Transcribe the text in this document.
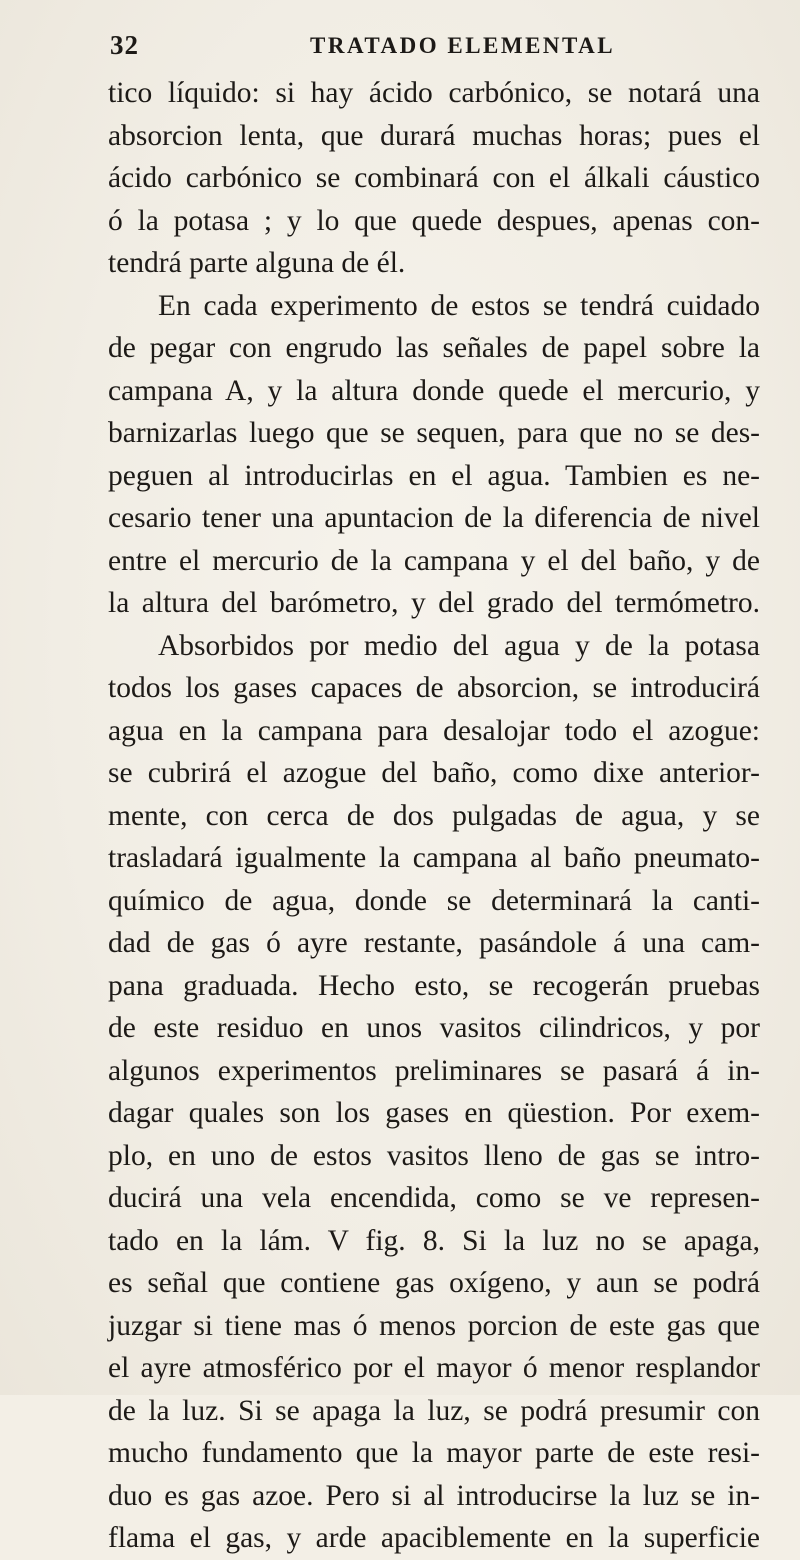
32	TRATADO ELEMENTAL
tico líquido: si hay ácido carbónico, se notará una
absorcion lenta, que durará muchas horas; pues el
ácido carbónico se combinará con el álkali cáustico
ó la potasa ; y lo que quede despues, apenas con-
tendrá parte alguna de él.
En cada experimento de estos se tendrá cuidado
de pegar con engrudo las señales de papel sobre la
campana A, y la altura donde quede el mercurio, y
barnizarlas luego que se sequen, para que no se des-
peguen al introducirlas en el agua. Tambien es ne-
cesario tener una apuntacion de la diferencia de nivel
entre el mercurio de la campana y el del baño, y de
la altura del barómetro, y del grado del termómetro.
Absorbidos por medio del agua y de la potasa
todos los gases capaces de absorcion, se introducirá
agua en la campana para desalojar todo el azogue:
se cubrirá el azogue del baño, como dixe anterior-
mente, con cerca de dos pulgadas de agua, y se
trasladará igualmente la campana al baño pneumato-
químico de agua, donde se determinará la canti-
dad de gas ó ayre restante, pasándole á una cam-
pana graduada. Hecho esto, se recogerán pruebas
de este residuo en unos vasitos cilindricos, y por
algunos experimentos preliminares se pasará á in-
dagar quales son los gases en qüestion. Por exem-
plo, en uno de estos vasitos lleno de gas se intro-
ducirá una vela encendida, como se ve represen-
tado en la lám. V fig. 8. Si la luz no se apaga,
es señal que contiene gas oxígeno, y aun se podrá
juzgar si tiene mas ó menos porcion de este gas que
el ayre atmosférico por el mayor ó menor resplandor
de la luz. Si se apaga la luz, se podrá presumir con
mucho fundamento que la mayor parte de este resi-
duo es gas azoe. Pero si al introducirse la luz se in-
flama el gas, y arde apaciblemente en la superficie
